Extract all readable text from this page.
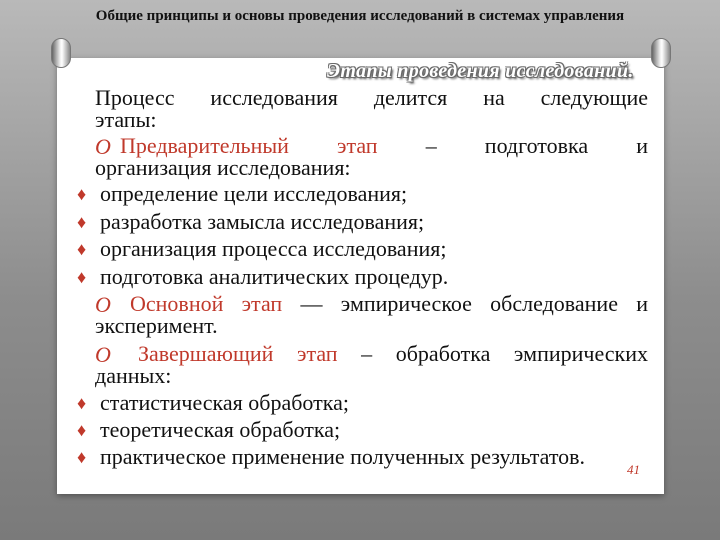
Общие принципы и основы проведения исследований в системах управления
Этапы проведения исследований.
Процесс исследования делится на следующие
этапы:
O Предварительный этап – подготовка и
организация исследования:
♦ определение цели исследования;
♦ разработка замысла исследования;
♦ организация процесса исследования;
♦ подготовка аналитических процедур.
O Основной этап — эмпирическое обследование и
эксперимент.
O Завершающий этап – обработка эмпирических
данных:
♦ статистическая обработка;
♦ теоретическая обработка;
♦ практическое применение полученных результатов.
41
